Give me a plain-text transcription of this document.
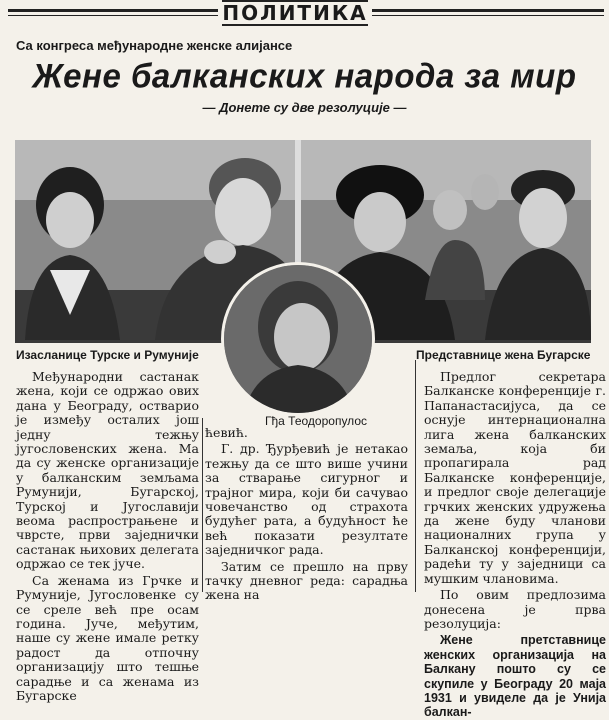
ПОЛИТИКА
Са конгреса међународне женске алијансе
Жене балканских народа за мир
— Донете су две резолуције —
Изасланице Турске и Румуније	Представнице жена Бугарске
Гђа Теодоропулос

Међународни састанак жена, који се одржао ових дана у Београду, остварио је између осталих још једну тежњу југословенских жена. Ма да су женске организације у балканским земљама Румунији, Бугарској, Турској и Југославији веома распрострањене и чврсте, први заједнички састанак њихових делегата одржао се тек јуче.

Са женама из Грчке и Румуније, Југословенке су се среле већ пре осам година. Јуче, међутим, наше су жене имале ретку радост да отпочну организацију што тешње сарадње и са женама из Бугарске

ћевић.

Г. др. Ђурђевић је нетакао тежњу да се што више учини за стварање сигурног и трајног мира, који би сачувао човечанство од страхота будућег рата, а будућност ће већ показати резултате заједничког рада.

Затим се прешло на прву тачку дневног реда: сарадња жена на

Предлог секретара Балканске конференције г. Папанастасијуса, да се оснује интернационална лига жена балканских земаља, која би пропагирала рад Балканске конференције, и предлог своје делегације грчких женских удружења да жене буду чланови националних група у Балканској конференцији, радећи ту у заједници са мушким члановима.

По овим предлозима донесена је прва резолуција:

Жене претставнице женских организација на Балкану пошто су се скупиле у Београду 20 маја 1931 и увиделе да је Унија балкан-
